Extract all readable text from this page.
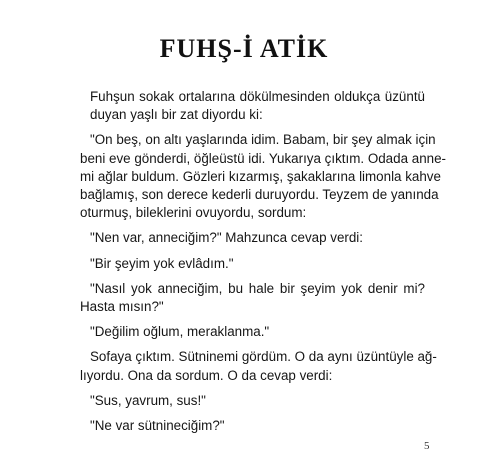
FUHŞ-İ ATİK

Fuhşun sokak ortalarına dökülmesinden oldukça üzüntü
duyan yaşlı bir zat diyordu ki:

"On beş, on altı yaşlarında idim. Babam, bir şey almak için
beni eve gönderdi, öğleüstü idi. Yukarıya çıktım. Odada anne-
mi ağlar buldum. Gözleri kızarmış, şakaklarına limonla kahve
bağlamış, son derece kederli duruyordu. Teyzem de yanında
oturmuş, bileklerini ovuyordu, sordum:

"Nen var, anneciğim?" Mahzunca cevap verdi:

"Bir şeyim yok evlâdım."

"Nasıl yok anneciğim, bu hale bir şeyim yok denir mi?
Hasta mısın?"

"Değilim oğlum, meraklanma."

Sofaya çıktım. Sütninemi gördüm. O da aynı üzüntüyle ağ-
lıyordu. Ona da sordum. O da cevap verdi:

"Sus, yavrum, sus!"

"Ne var sütnineciğim?"

5
